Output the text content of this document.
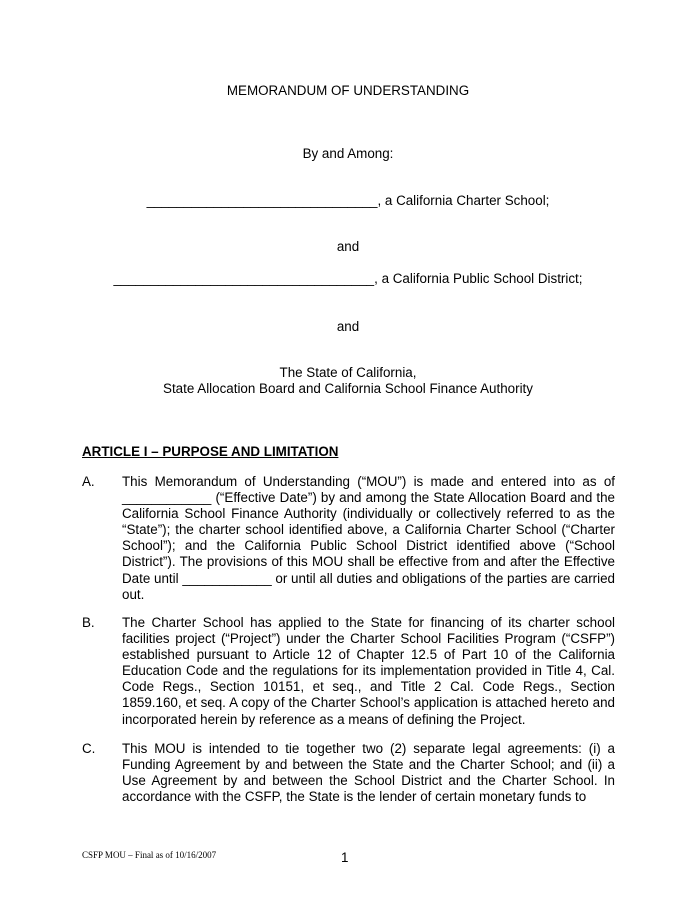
MEMORANDUM OF UNDERSTANDING
By and Among:
_______________________________, a California Charter School;
and
___________________________________, a California Public School District;
and
The State of California,
State Allocation Board and California School Finance Authority
ARTICLE I – PURPOSE AND LIMITATION
A. This Memorandum of Understanding (“MOU”) is made and entered into as of ____________ (“Effective Date”) by and among the State Allocation Board and the California School Finance Authority (individually or collectively referred to as the “State”); the charter school identified above, a California Charter School (“Charter School”); and the California Public School District identified above (“School District”). The provisions of this MOU shall be effective from and after the Effective Date until ____________ or until all duties and obligations of the parties are carried out.
B. The Charter School has applied to the State for financing of its charter school facilities project (“Project”) under the Charter School Facilities Program (“CSFP”) established pursuant to Article 12 of Chapter 12.5 of Part 10 of the California Education Code and the regulations for its implementation provided in Title 4, Cal. Code Regs., Section 10151, et seq., and Title 2 Cal. Code Regs., Section 1859.160, et seq. A copy of the Charter School’s application is attached hereto and incorporated herein by reference as a means of defining the Project.
C. This MOU is intended to tie together two (2) separate legal agreements: (i) a Funding Agreement by and between the State and the Charter School; and (ii) a Use Agreement by and between the School District and the Charter School. In accordance with the CSFP, the State is the lender of certain monetary funds to
CSFP MOU – Final as of 10/16/2007	1
